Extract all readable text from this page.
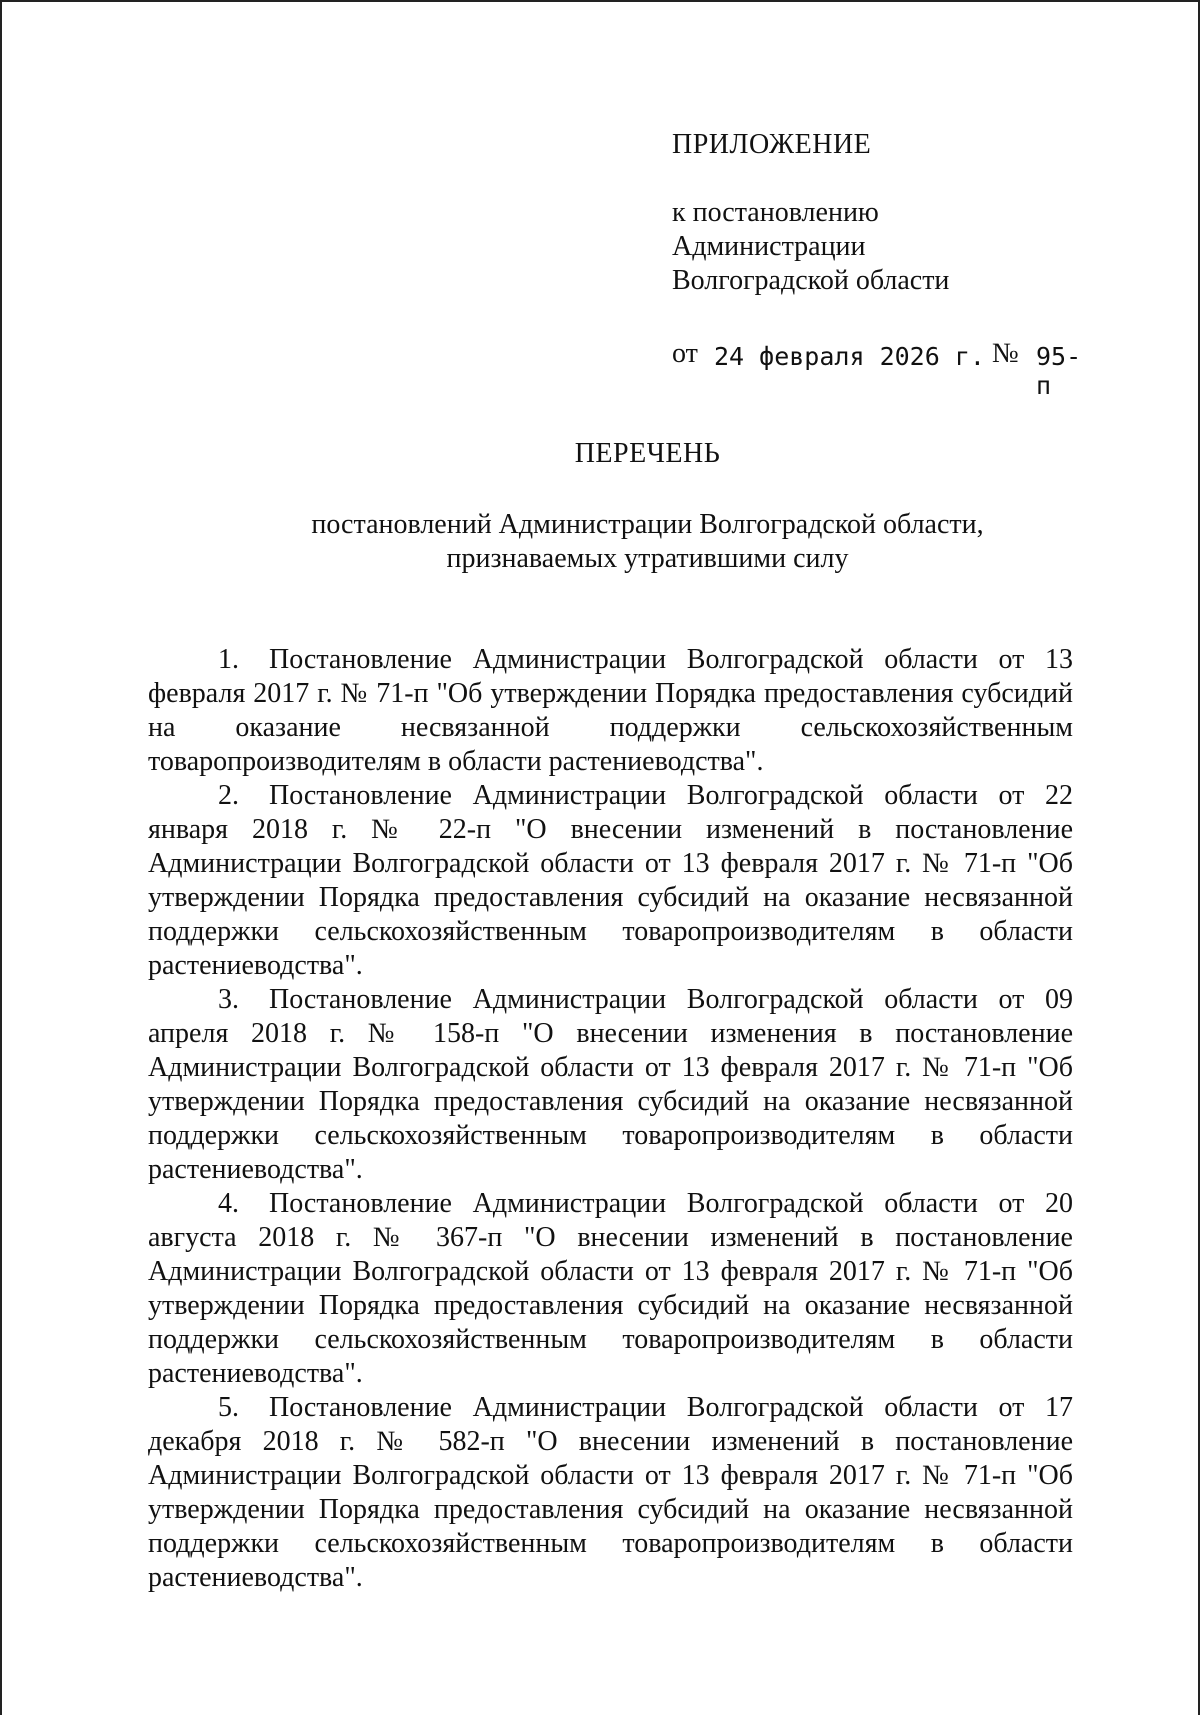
ПРИЛОЖЕНИЕ
к постановлению
Администрации
Волгоградской области
от 24 февраля 2026 г. № 95-п
ПЕРЕЧЕНЬ
постановлений Администрации Волгоградской области,
признаваемых утратившими силу

1. Постановление Администрации Волгоградской области от 13 февраля 2017 г. № 71-п "Об утверждении Порядка предоставления субсидий на оказание несвязанной поддержки сельскохозяйственным товаропроизводителям в области растениеводства".

2. Постановление Администрации Волгоградской области от 22 января 2018 г. № 22-п "О внесении изменений в постановление Администрации Волгоградской области от 13 февраля 2017 г. № 71-п "Об утверждении Порядка предоставления субсидий на оказание несвязанной поддержки сельскохозяйственным товаропроизводителям в области растениеводства".

3. Постановление Администрации Волгоградской области от 09 апреля 2018 г. № 158-п "О внесении изменения в постановление Администрации Волгоградской области от 13 февраля 2017 г. № 71-п "Об утверждении Порядка предоставления субсидий на оказание несвязанной поддержки сельскохозяйственным товаропроизводителям в области растениеводства".

4. Постановление Администрации Волгоградской области от 20 августа 2018 г. № 367-п "О внесении изменений в постановление Администрации Волгоградской области от 13 февраля 2017 г. № 71-п "Об утверждении Порядка предоставления субсидий на оказание несвязанной поддержки сельскохозяйственным товаропроизводителям в области растениеводства".

5. Постановление Администрации Волгоградской области от 17 декабря 2018 г. № 582-п "О внесении изменений в постановление Администрации Волгоградской области от 13 февраля 2017 г. № 71-п "Об утверждении Порядка предоставления субсидий на оказание несвязанной поддержки сельскохозяйственным товаропроизводителям в области растениеводства".
